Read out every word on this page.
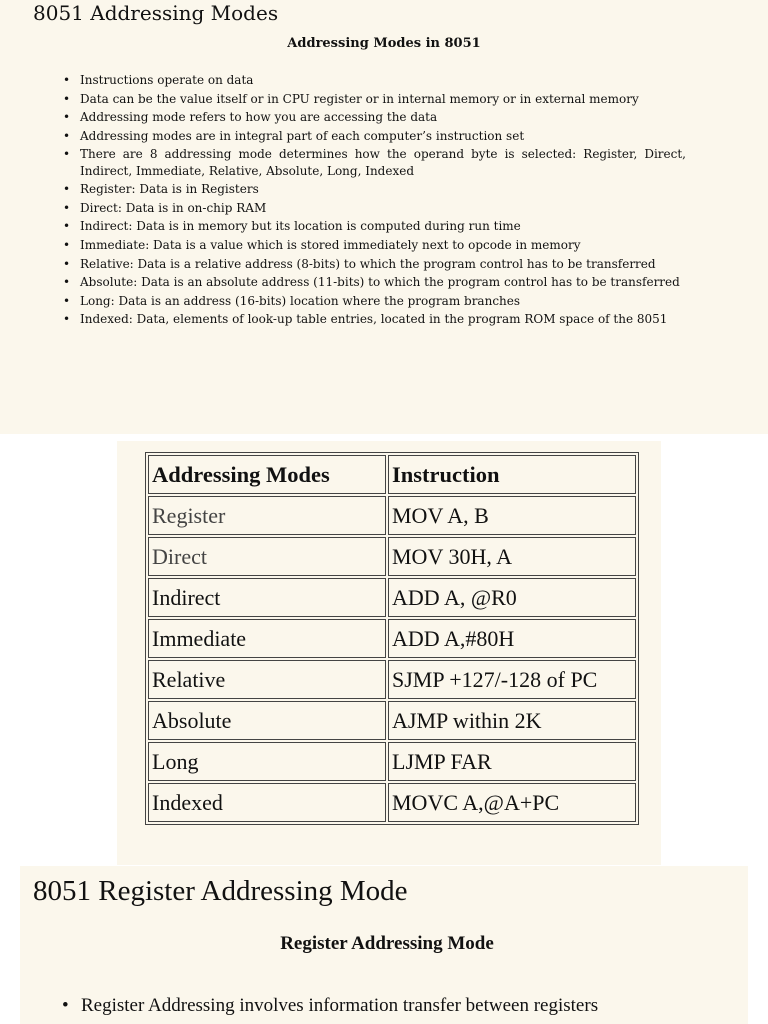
8051 Addressing Modes
Addressing Modes in 8051
• Instructions operate on data
• Data can be the value itself or in CPU register or in internal memory or in external memory
• Addressing mode refers to how you are accessing the data
• Addressing modes are in integral part of each computer’s instruction set
• There are 8 addressing mode determines how the operand byte is selected: Register, Direct, Indirect, Immediate, Relative, Absolute, Long, Indexed
• Register: Data is in Registers
• Direct: Data is in on-chip RAM
• Indirect: Data is in memory but its location is computed during run time
• Immediate: Data is a value which is stored immediately next to opcode in memory
• Relative: Data is a relative address (8-bits) to which the program control has to be transferred
• Absolute: Data is an absolute address (11-bits) to which the program control has to be transferred
• Long: Data is an address (16-bits) location where the program branches
• Indexed: Data, elements of look-up table entries, located in the program ROM space of the 8051
Addressing Modes	Instruction
Register	MOV A, B
Direct	MOV 30H, A
Indirect	ADD A, @R0
Immediate	ADD A,#80H
Relative	SJMP +127/-128 of PC
Absolute	AJMP within 2K
Long	LJMP FAR
Indexed	MOVC A,@A+PC
8051 Register Addressing Mode
Register Addressing Mode
• Register Addressing involves information transfer between registers
